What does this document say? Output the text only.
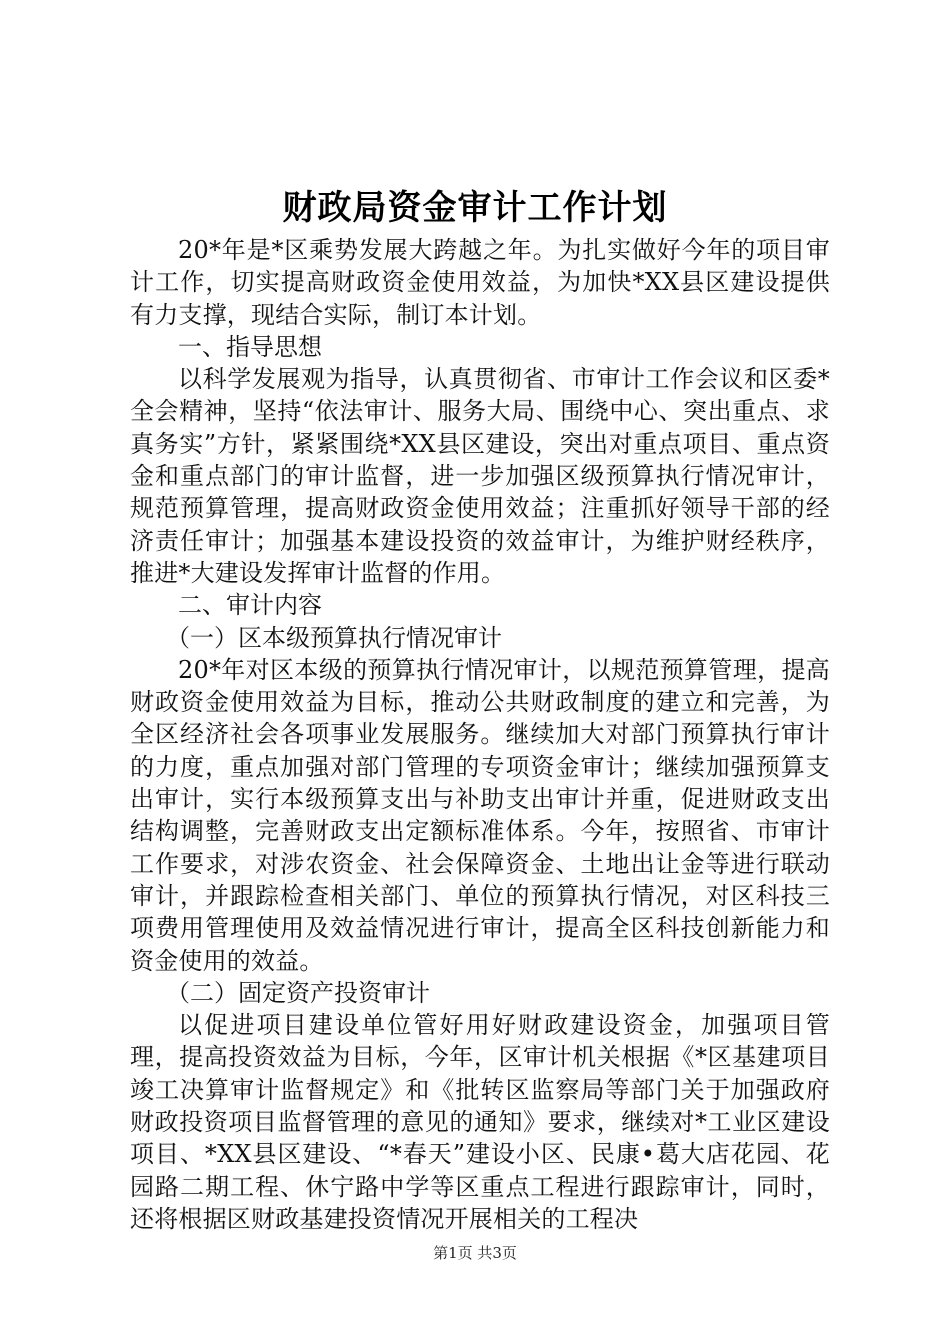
财政局资金审计工作计划

20*年是*区乘势发展大跨越之年。为扎实做好今年的项目审计工作，切实提高财政资金使用效益，为加快*XX县区建设提供有力支撑，现结合实际，制订本计划。

一、指导思想

以科学发展观为指导，认真贯彻省、市审计工作会议和区委*全会精神，坚持“依法审计、服务大局、围绕中心、突出重点、求真务实”方针，紧紧围绕*XX县区建设，突出对重点项目、重点资金和重点部门的审计监督，进一步加强区级预算执行情况审计，规范预算管理，提高财政资金使用效益；注重抓好领导干部的经济责任审计；加强基本建设投资的效益审计，为维护财经秩序，推进*大建设发挥审计监督的作用。

二、审计内容

（一）区本级预算执行情况审计

20*年对区本级的预算执行情况审计，以规范预算管理，提高财政资金使用效益为目标，推动公共财政制度的建立和完善，为全区经济社会各项事业发展服务。继续加大对部门预算执行审计的力度，重点加强对部门管理的专项资金审计；继续加强预算支出审计，实行本级预算支出与补助支出审计并重，促进财政支出结构调整，完善财政支出定额标准体系。今年，按照省、市审计工作要求，对涉农资金、社会保障资金、土地出让金等进行联动审计，并跟踪检查相关部门、单位的预算执行情况，对区科技三项费用管理使用及效益情况进行审计，提高全区科技创新能力和资金使用的效益。

（二）固定资产投资审计

以促进项目建设单位管好用好财政建设资金，加强项目管理，提高投资效益为目标，今年，区审计机关根据《*区基建项目竣工决算审计监督规定》和《批转区监察局等部门关于加强政府财政投资项目监督管理的意见的通知》要求，继续对*工业区建设项目、*XX县区建设、“*春天”建设小区、民康•葛大店花园、花园路二期工程、休宁路中学等区重点工程进行跟踪审计，同时，还将根据区财政基建投资情况开展相关的工程决

第1页 共3页
